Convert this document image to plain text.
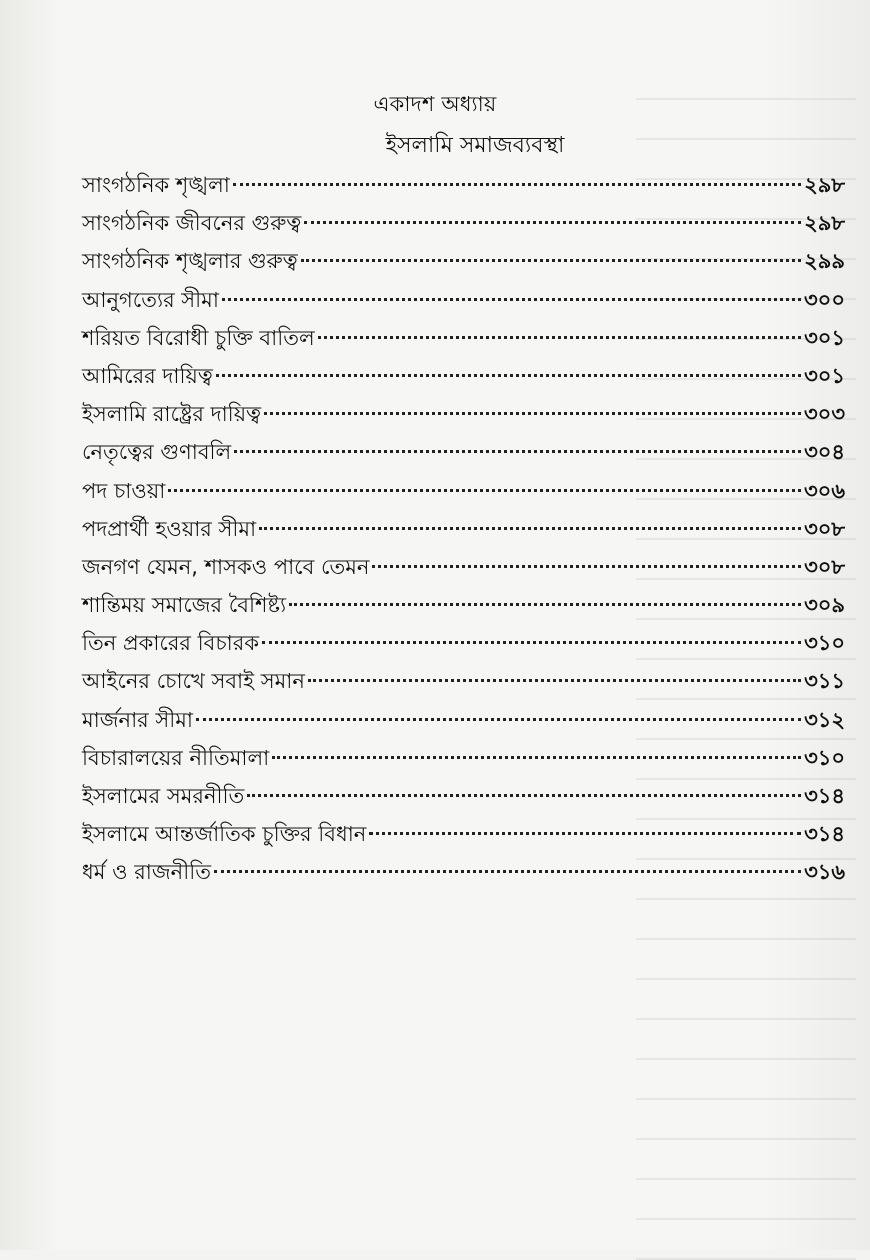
একাদশ অধ্যায়
ইসলামি সমাজব্যবস্থা
সাংগঠনিক শৃঙ্খলা	২৯৮
সাংগঠনিক জীবনের গুরুত্ব	২৯৮
সাংগঠনিক শৃঙ্খলার গুরুত্ব	২৯৯
আনুগত্যের সীমা	৩০০
শরিয়ত বিরোধী চুক্তি বাতিল	৩০১
আমিরের দায়িত্ব	৩০১
ইসলামি রাষ্ট্রের দায়িত্ব	৩০৩
নেতৃত্বের গুণাবলি	৩০৪
পদ চাওয়া	৩০৬
পদপ্রার্থী হওয়ার সীমা	৩০৮
জনগণ যেমন, শাসকও পাবে তেমন	৩০৮
শান্তিময় সমাজের বৈশিষ্ট্য	৩০৯
তিন প্রকারের বিচারক	৩১০
আইনের চোখে সবাই সমান	৩১১
মার্জনার সীমা	৩১২
বিচারালয়ের নীতিমালা	৩১০
ইসলামের সমরনীতি	৩১৪
ইসলামে আন্তর্জাতিক চুক্তির বিধান	৩১৪
ধর্ম ও রাজনীতি	৩১৬
